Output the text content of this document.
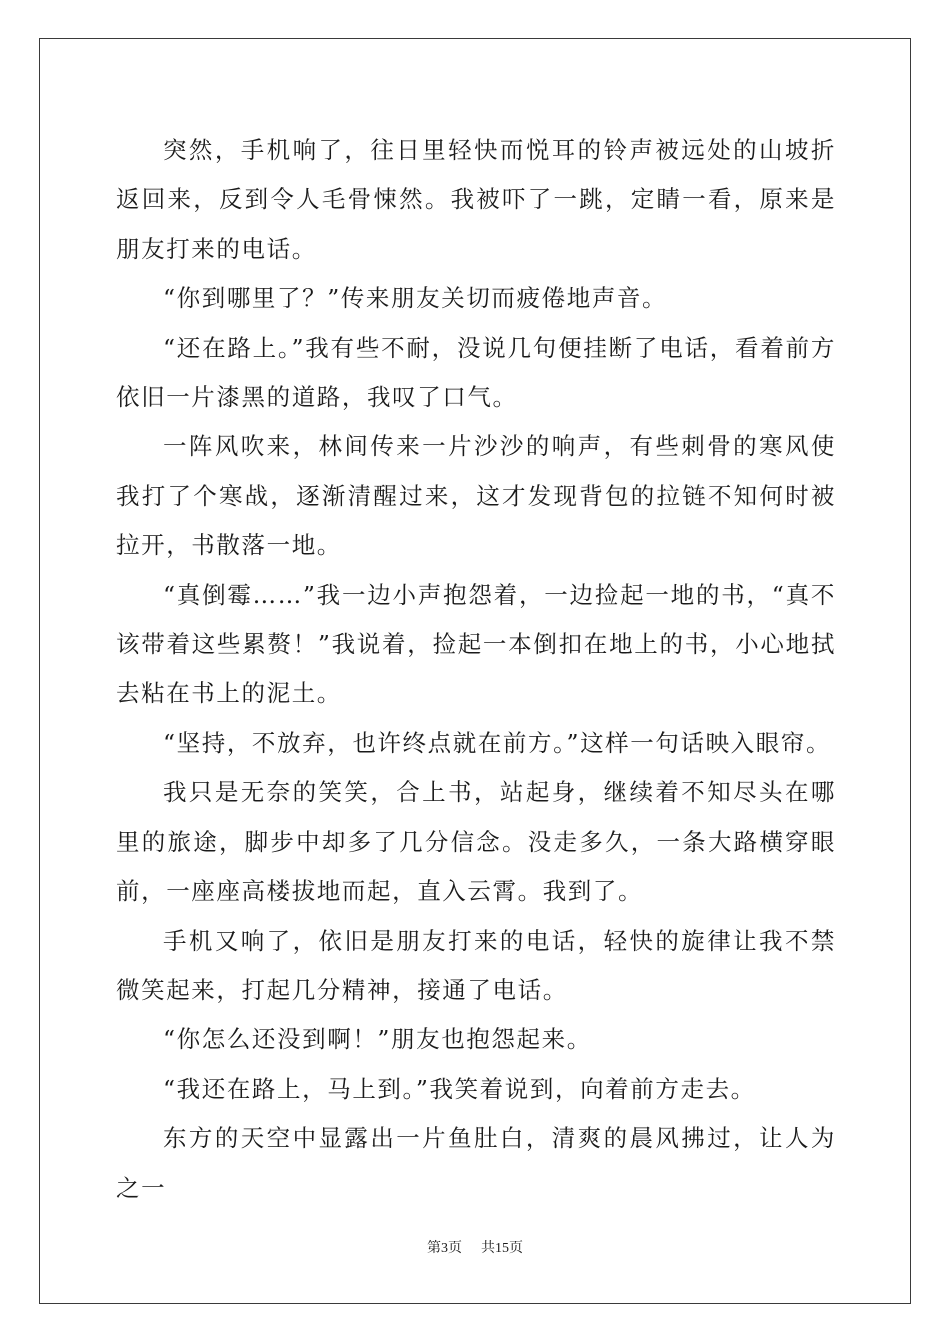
突然，手机响了，往日里轻快而悦耳的铃声被远处的山坡折返回来，反到令人毛骨悚然。我被吓了一跳，定睛一看，原来是朋友打来的电话。

“你到哪里了？”传来朋友关切而疲倦地声音。

“还在路上。”我有些不耐，没说几句便挂断了电话，看着前方依旧一片漆黑的道路，我叹了口气。

一阵风吹来，林间传来一片沙沙的响声，有些刺骨的寒风使我打了个寒战，逐渐清醒过来，这才发现背包的拉链不知何时被拉开，书散落一地。

“真倒霉……”我一边小声抱怨着，一边捡起一地的书，“真不该带着这些累赘！”我说着，捡起一本倒扣在地上的书，小心地拭去粘在书上的泥土。

“坚持，不放弃，也许终点就在前方。”这样一句话映入眼帘。

我只是无奈的笑笑，合上书，站起身，继续着不知尽头在哪里的旅途，脚步中却多了几分信念。没走多久，一条大路横穿眼前，一座座高楼拔地而起，直入云霄。我到了。

手机又响了，依旧是朋友打来的电话，轻快的旋律让我不禁微笑起来，打起几分精神，接通了电话。

“你怎么还没到啊！”朋友也抱怨起来。

“我还在路上，马上到。”我笑着说到，向着前方走去。

东方的天空中显露出一片鱼肚白，清爽的晨风拂过，让人为之一

第3页 共15页
